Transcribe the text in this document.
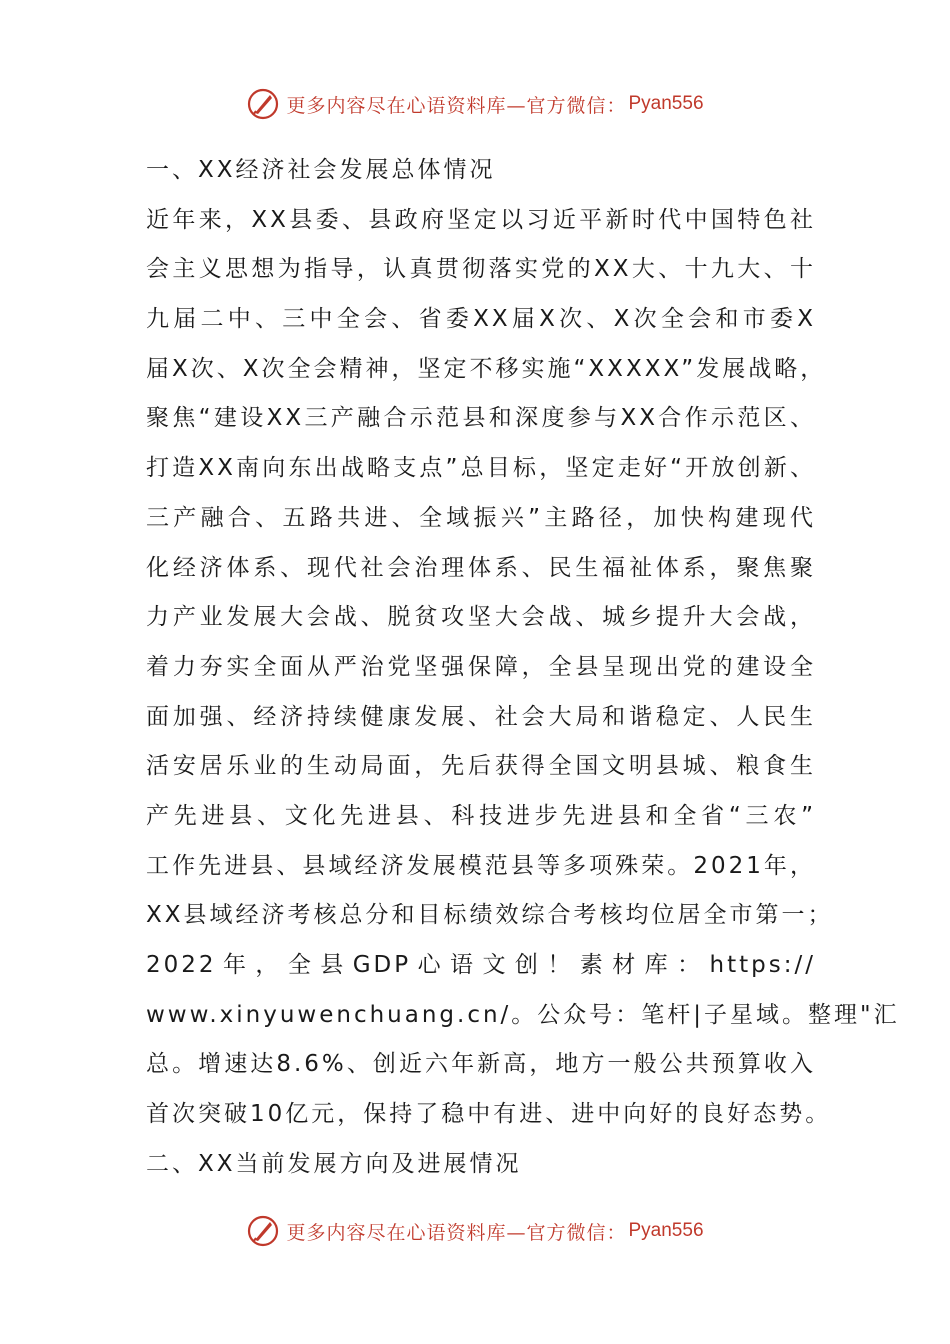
更多内容尽在心语资料库—官方微信： Pyan556
一、XX经济社会发展总体情况
近年来，XX县委、县政府坚定以习近平新时代中国特色社
会主义思想为指导，认真贯彻落实党的XX大、十九大、十
九届二中、三中全会、省委XX届X次、X次全会和市委X
届X次、X次全会精神，坚定不移实施“XXXXX”发展战略，
聚焦“建设XX三产融合示范县和深度参与XX合作示范区、
打造XX南向东出战略支点”总目标，坚定走好“开放创新、
三产融合、五路共进、全域振兴”主路径，加快构建现代
化经济体系、现代社会治理体系、民生福祉体系，聚焦聚
力产业发展大会战、脱贫攻坚大会战、城乡提升大会战，
着力夯实全面从严治党坚强保障，全县呈现出党的建设全
面加强、经济持续健康发展、社会大局和谐稳定、人民生
活安居乐业的生动局面，先后获得全国文明县城、粮食生
产先进县、文化先进县、科技进步先进县和全省“三农”
工作先进县、县域经济发展模范县等多项殊荣。2021年，
XX县域经济考核总分和目标绩效综合考核均位居全市第一；
2022年，全县GDP心语文创！素材库：https://
www.xinyuwenchuang.cn/。公众号：笔杆|子星域。整理"汇
总。增速达8.6%、创近六年新高，地方一般公共预算收入
首次突破10亿元，保持了稳中有进、进中向好的良好态势。
二、XX当前发展方向及进展情况
更多内容尽在心语资料库—官方微信： Pyan556
